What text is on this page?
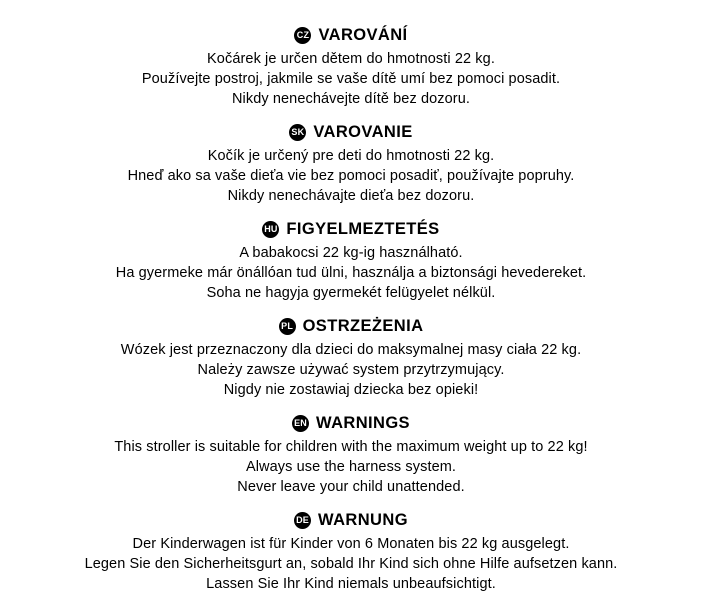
CZ VAROVÁNÍ
Kočárek je určen dětem do hmotnosti 22 kg.
Používejte postroj, jakmile se vaše dítě umí bez pomoci posadit.
Nikdy nenechávejte dítě bez dozoru.
SK VAROVANIE
Kočík je určený pre deti do hmotnosti 22 kg.
Hneď ako sa vaše dieťa vie bez pomoci posadiť, používajte popruhy.
Nikdy nenechávajte dieťa bez dozoru.
HU FIGYELMEZTETÉS
A babakocsi 22 kg-ig használható.
Ha gyermeke már önállóan tud ülni, használja a biztonsági hevedereket.
Soha ne hagyja gyermekét felügyelet nélkül.
PL OSTRZEŻENIA
Wózek jest przeznaczony dla dzieci do maksymalnej masy ciała 22 kg.
Należy zawsze używać system przytrzymujący.
Nigdy nie zostawiaj dziecka bez opieki!
EN WARNINGS
This stroller is suitable for children with the maximum weight up to 22 kg!
Always use the harness system.
Never leave your child unattended.
DE WARNUNG
Der Kinderwagen ist für Kinder von 6 Monaten bis 22 kg ausgelegt.
Legen Sie den Sicherheitsgurt an, sobald Ihr Kind sich ohne Hilfe aufsetzen kann.
Lassen Sie Ihr Kind niemals unbeaufsichtigt.
